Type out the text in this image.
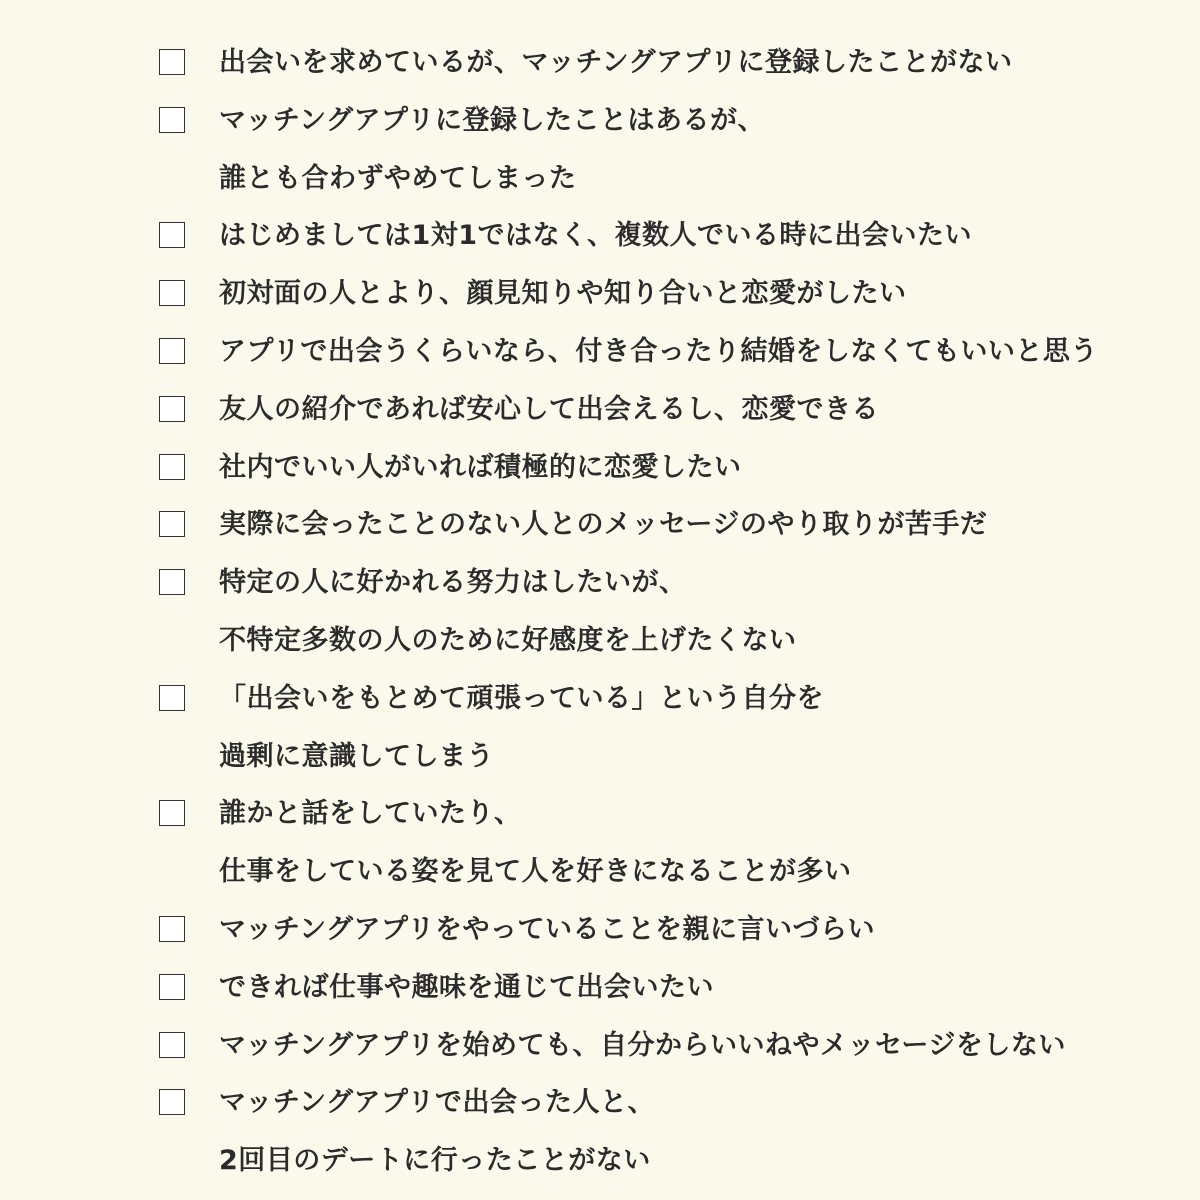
出会いを求めているが、マッチングアプリに登録したことがない
マッチングアプリに登録したことはあるが、
誰とも合わずやめてしまった
はじめましては1対1ではなく、複数人でいる時に出会いたい
初対面の人とより、顔見知りや知り合いと恋愛がしたい
アプリで出会うくらいなら、付き合ったり結婚をしなくてもいいと思う
友人の紹介であれば安心して出会えるし、恋愛できる
社内でいい人がいれば積極的に恋愛したい
実際に会ったことのない人とのメッセージのやり取りが苦手だ
特定の人に好かれる努力はしたいが、
不特定多数の人のために好感度を上げたくない
「出会いをもとめて頑張っている」という自分を
過剰に意識してしまう
誰かと話をしていたり、
仕事をしている姿を見て人を好きになることが多い
マッチングアプリをやっていることを親に言いづらい
できれば仕事や趣味を通じて出会いたい
マッチングアプリを始めても、自分からいいねやメッセージをしない
マッチングアプリで出会った人と、
2回目のデートに行ったことがない
